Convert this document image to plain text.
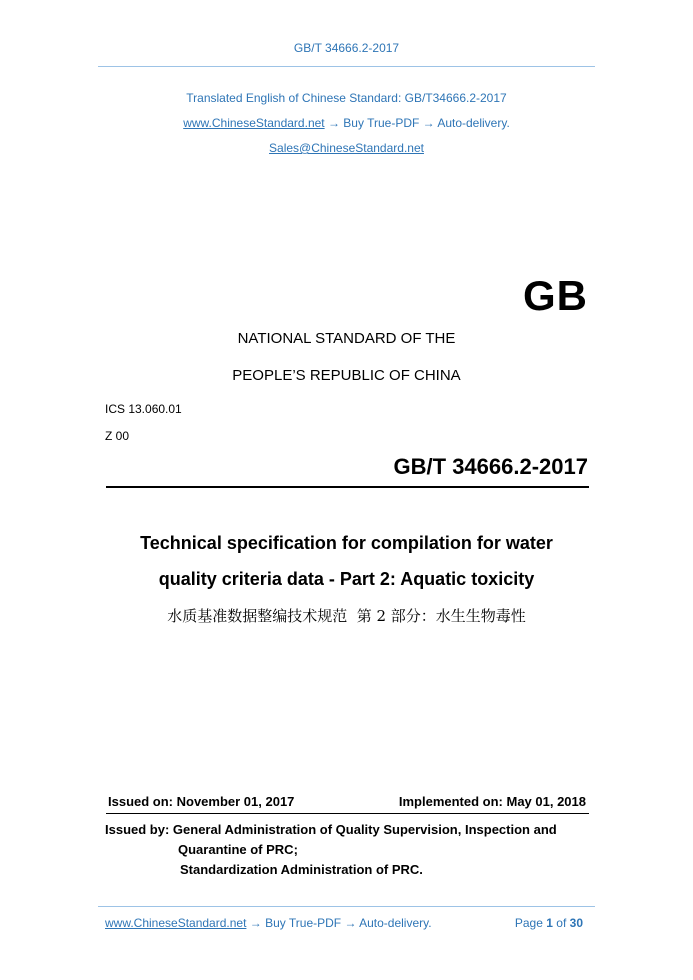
GB/T 34666.2-2017
Translated English of Chinese Standard: GB/T34666.2-2017
www.ChineseStandard.net → Buy True-PDF → Auto-delivery.
Sales@ChineseStandard.net
GB
NATIONAL STANDARD OF THE
PEOPLE’S REPUBLIC OF CHINA
ICS 13.060.01
Z 00
GB/T 34666.2-2017
Technical specification for compilation for water
quality criteria data - Part 2: Aquatic toxicity
水质基准数据整编技术规范  第 2 部分：水生生物毒性
Issued on: November 01, 2017	Implemented on: May 01, 2018
Issued by: General Administration of Quality Supervision, Inspection and
Quarantine of PRC;
Standardization Administration of PRC.
www.ChineseStandard.net → Buy True-PDF → Auto-delivery.	Page 1 of 30
